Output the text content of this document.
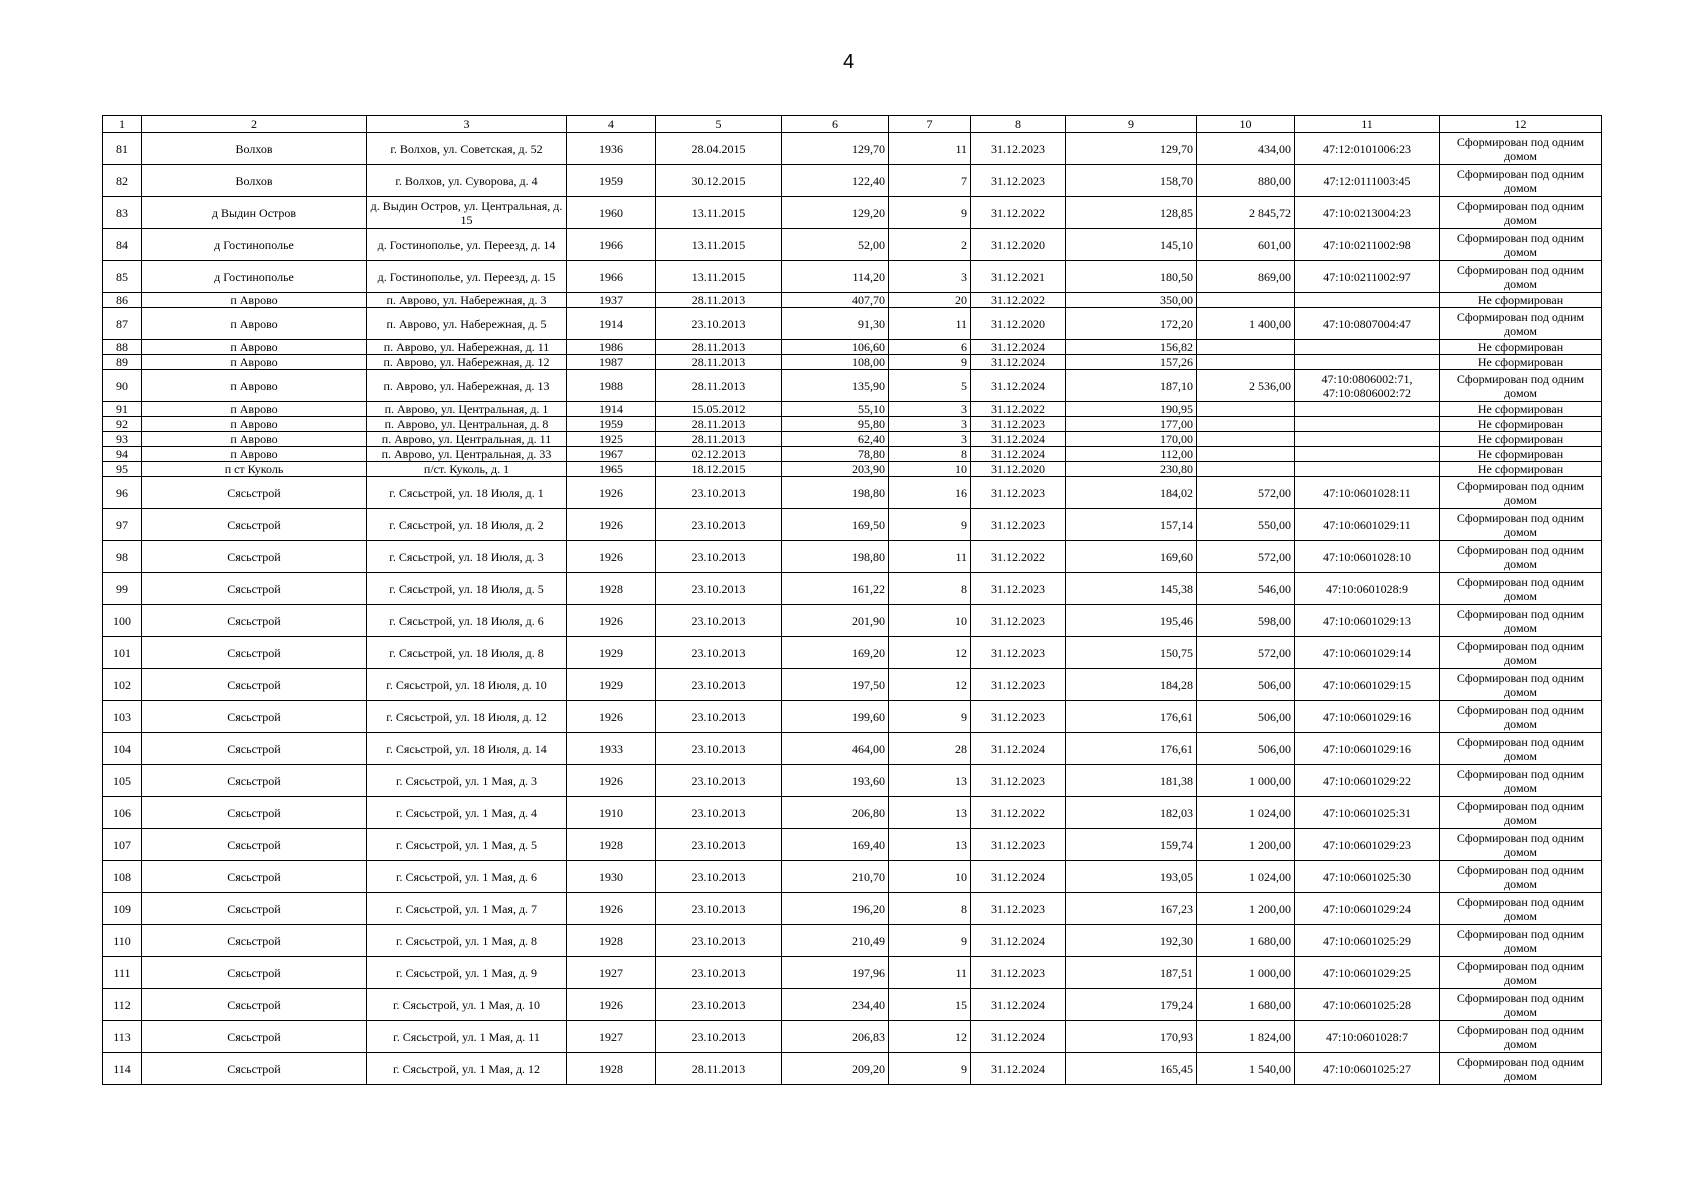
4
1	2	3	4	5	6	7	8	9	10	11	12
81	Волхов	г. Волхов, ул. Советская, д. 52	1936	28.04.2015	129,70	11	31.12.2023	129,70	434,00	47:12:0101006:23	Сформирован под одним домом
82	Волхов	г. Волхов, ул. Суворова, д. 4	1959	30.12.2015	122,40	7	31.12.2023	158,70	880,00	47:12:0111003:45	Сформирован под одним домом
83	д Выдин Остров	д. Выдин Остров, ул. Центральная, д. 15	1960	13.11.2015	129,20	9	31.12.2022	128,85	2 845,72	47:10:0213004:23	Сформирован под одним домом
84	д Гостинополье	д. Гостинополье, ул. Переезд, д. 14	1966	13.11.2015	52,00	2	31.12.2020	145,10	601,00	47:10:0211002:98	Сформирован под одним домом
85	д Гостинополье	д. Гостинополье, ул. Переезд, д. 15	1966	13.11.2015	114,20	3	31.12.2021	180,50	869,00	47:10:0211002:97	Сформирован под одним домом
86	п Аврово	п. Аврово, ул. Набережная, д. 3	1937	28.11.2013	407,70	20	31.12.2022	350,00			Не сформирован
87	п Аврово	п. Аврово, ул. Набережная, д. 5	1914	23.10.2013	91,30	11	31.12.2020	172,20	1 400,00	47:10:0807004:47	Сформирован под одним домом
88	п Аврово	п. Аврово, ул. Набережная, д. 11	1986	28.11.2013	106,60	6	31.12.2024	156,82			Не сформирован
89	п Аврово	п. Аврово, ул. Набережная, д. 12	1987	28.11.2013	108,00	9	31.12.2024	157,26			Не сформирован
90	п Аврово	п. Аврово, ул. Набережная, д. 13	1988	28.11.2013	135,90	5	31.12.2024	187,10	2 536,00	47:10:0806002:71, 47:10:0806002:72	Сформирован под одним домом
91	п Аврово	п. Аврово, ул. Центральная, д. 1	1914	15.05.2012	55,10	3	31.12.2022	190,95			Не сформирован
92	п Аврово	п. Аврово, ул. Центральная, д. 8	1959	28.11.2013	95,80	3	31.12.2023	177,00			Не сформирован
93	п Аврово	п. Аврово, ул. Центральная, д. 11	1925	28.11.2013	62,40	3	31.12.2024	170,00			Не сформирован
94	п Аврово	п. Аврово, ул. Центральная, д. 33	1967	02.12.2013	78,80	8	31.12.2024	112,00			Не сформирован
95	п ст Куколь	п/ст. Куколь, д. 1	1965	18.12.2015	203,90	10	31.12.2020	230,80			Не сформирован
96	Сясьстрой	г. Сясьстрой, ул. 18 Июля, д. 1	1926	23.10.2013	198,80	16	31.12.2023	184,02	572,00	47:10:0601028:11	Сформирован под одним домом
97	Сясьстрой	г. Сясьстрой, ул. 18 Июля, д. 2	1926	23.10.2013	169,50	9	31.12.2023	157,14	550,00	47:10:0601029:11	Сформирован под одним домом
98	Сясьстрой	г. Сясьстрой, ул. 18 Июля, д. 3	1926	23.10.2013	198,80	11	31.12.2022	169,60	572,00	47:10:0601028:10	Сформирован под одним домом
99	Сясьстрой	г. Сясьстрой, ул. 18 Июля, д. 5	1928	23.10.2013	161,22	8	31.12.2023	145,38	546,00	47:10:0601028:9	Сформирован под одним домом
100	Сясьстрой	г. Сясьстрой, ул. 18 Июля, д. 6	1926	23.10.2013	201,90	10	31.12.2023	195,46	598,00	47:10:0601029:13	Сформирован под одним домом
101	Сясьстрой	г. Сясьстрой, ул. 18 Июля, д. 8	1929	23.10.2013	169,20	12	31.12.2023	150,75	572,00	47:10:0601029:14	Сформирован под одним домом
102	Сясьстрой	г. Сясьстрой, ул. 18 Июля, д. 10	1929	23.10.2013	197,50	12	31.12.2023	184,28	506,00	47:10:0601029:15	Сформирован под одним домом
103	Сясьстрой	г. Сясьстрой, ул. 18 Июля, д. 12	1926	23.10.2013	199,60	9	31.12.2023	176,61	506,00	47:10:0601029:16	Сформирован под одним домом
104	Сясьстрой	г. Сясьстрой, ул. 18 Июля, д. 14	1933	23.10.2013	464,00	28	31.12.2024	176,61	506,00	47:10:0601029:16	Сформирован под одним домом
105	Сясьстрой	г. Сясьстрой, ул. 1 Мая, д. 3	1926	23.10.2013	193,60	13	31.12.2023	181,38	1 000,00	47:10:0601029:22	Сформирован под одним домом
106	Сясьстрой	г. Сясьстрой, ул. 1 Мая, д. 4	1910	23.10.2013	206,80	13	31.12.2022	182,03	1 024,00	47:10:0601025:31	Сформирован под одним домом
107	Сясьстрой	г. Сясьстрой, ул. 1 Мая, д. 5	1928	23.10.2013	169,40	13	31.12.2023	159,74	1 200,00	47:10:0601029:23	Сформирован под одним домом
108	Сясьстрой	г. Сясьстрой, ул. 1 Мая, д. 6	1930	23.10.2013	210,70	10	31.12.2024	193,05	1 024,00	47:10:0601025:30	Сформирован под одним домом
109	Сясьстрой	г. Сясьстрой, ул. 1 Мая, д. 7	1926	23.10.2013	196,20	8	31.12.2023	167,23	1 200,00	47:10:0601029:24	Сформирован под одним домом
110	Сясьстрой	г. Сясьстрой, ул. 1 Мая, д. 8	1928	23.10.2013	210,49	9	31.12.2024	192,30	1 680,00	47:10:0601025:29	Сформирован под одним домом
111	Сясьстрой	г. Сясьстрой, ул. 1 Мая, д. 9	1927	23.10.2013	197,96	11	31.12.2023	187,51	1 000,00	47:10:0601029:25	Сформирован под одним домом
112	Сясьстрой	г. Сясьстрой, ул. 1 Мая, д. 10	1926	23.10.2013	234,40	15	31.12.2024	179,24	1 680,00	47:10:0601025:28	Сформирован под одним домом
113	Сясьстрой	г. Сясьстрой, ул. 1 Мая, д. 11	1927	23.10.2013	206,83	12	31.12.2024	170,93	1 824,00	47:10:0601028:7	Сформирован под одним домом
114	Сясьстрой	г. Сясьстрой, ул. 1 Мая, д. 12	1928	28.11.2013	209,20	9	31.12.2024	165,45	1 540,00	47:10:0601025:27	Сформирован под одним домом
